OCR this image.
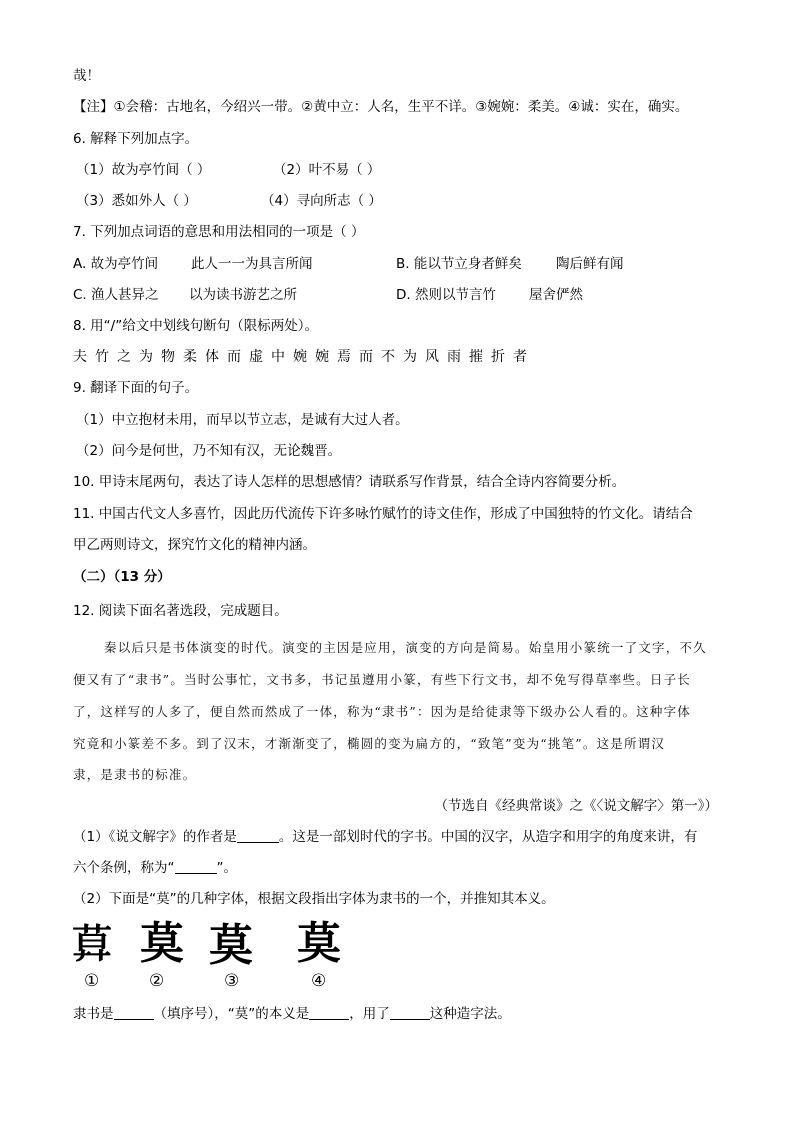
哉！
【注】①会稽：古地名，今绍兴一带。②黄中立：人名，生平不详。③婉婉：柔美。④诚：实在，确实。
6. 解释下列加点字。
（1）故为亭竹间（ ）	（2）叶不易（ ）
（3）悉如外人（ ）	（4）寻向所志（ ）
7. 下列加点词语的意思和用法相同的一项是（ ）
A. 故为亭竹间 此人一一为具言所闻	B. 能以节立身者鲜矣	陶后鲜有闻
C. 渔人甚异之 以为读书游艺之所	D. 然则以节言竹 屋舍俨然
8. 用“/”给文中划线句断句（限标两处）。
夫竹之为物柔体而虚中婉婉焉而不为风雨摧折者
9. 翻译下面的句子。
（1）中立抱材未用，而早以节立志，是诚有大过人者。
（2）问今是何世，乃不知有汉，无论魏晋。
10. 甲诗末尾两句，表达了诗人怎样的思想感情？请联系写作背景，结合全诗内容简要分析。
11. 中国古代文人多喜竹，因此历代流传下许多咏竹赋竹的诗文佳作，形成了中国独特的竹文化。请结合
甲乙两则诗文，探究竹文化的精神内涵。
（二）（13 分）
12. 阅读下面名著选段，完成题目。
秦以后只是书体演变的时代。演变的主因是应用，演变的方向是简易。始皇用小篆统一了文字，不久
便又有了“隶书”。当时公事忙，文书多，书记虽遵用小篆，有些下行文书，却不免写得草率些。日子长
了，这样写的人多了，便自然而然成了一体，称为“隶书”：因为是给徒隶等下级办公人看的。这种字体
究竟和小篆差不多。到了汉末，才渐渐变了，椭圆的变为扁方的，“致笔”变为“挑笔”。这是所谓汉
隶，是隶书的标准。
（节选自《经典常谈》之《〈说文解字〉第一》）
（1）《说文解字》的作者是	。这是一部划时代的字书。中国的汉字，从造字和用字的角度来讲，有
六个条例，称为“	”。
（2）下面是“莫”的几种字体，根据文段指出字体为隶书的一个，并推知其本义。
𦱤 莫 莫 莫
①	②	③	④
隶书是	（填序号），“莫”的本义是	，用了	这种造字法。
